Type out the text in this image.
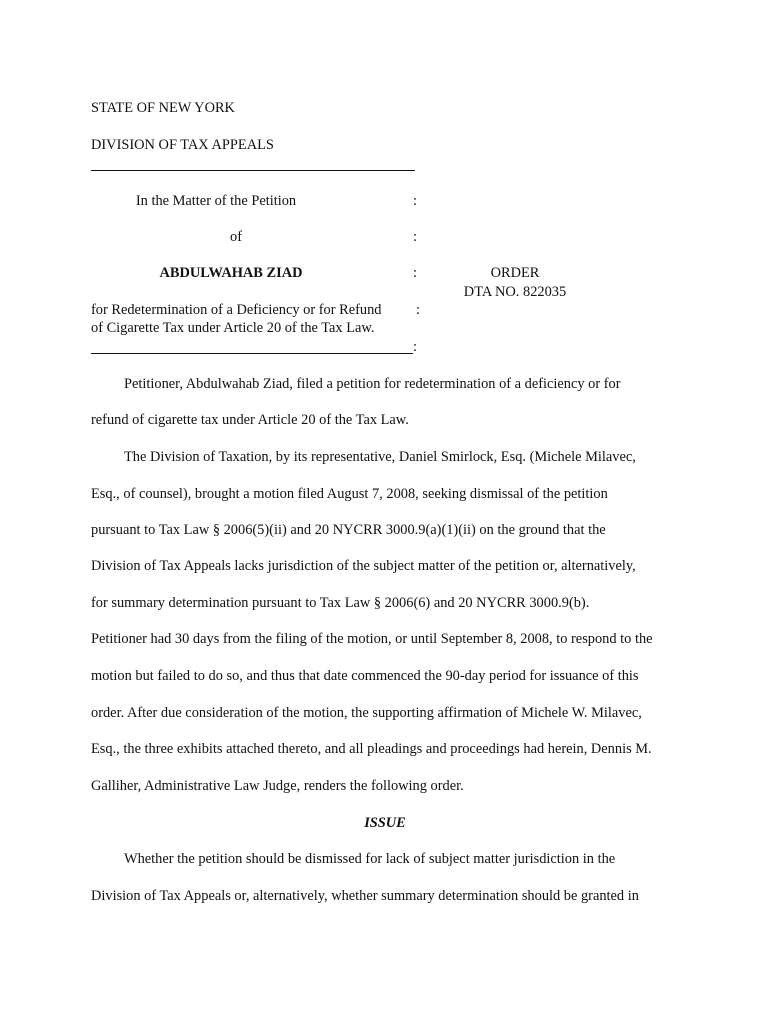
STATE OF NEW YORK
DIVISION OF TAX APPEALS
In the Matter of the Petition	:
of	:
ABDULWAHAB ZIAD	:	ORDER
DTA NO. 822035
for Redetermination of a Deficiency or for Refund :
of Cigarette Tax under Article 20 of the Tax Law.
:
Petitioner, Abdulwahab Ziad, filed a petition for redetermination of a deficiency or for
refund of cigarette tax under Article 20 of the Tax Law.
The Division of Taxation, by its representative, Daniel Smirlock, Esq. (Michele Milavec,
Esq., of counsel), brought a motion filed August 7, 2008, seeking dismissal of the petition
pursuant to Tax Law § 2006(5)(ii) and 20 NYCRR 3000.9(a)(1)(ii) on the ground that the
Division of Tax Appeals lacks jurisdiction of the subject matter of the petition or, alternatively,
for summary determination pursuant to Tax Law § 2006(6) and 20 NYCRR 3000.9(b).
Petitioner had 30 days from the filing of the motion, or until September 8, 2008, to respond to the
motion but failed to do so, and thus that date commenced the 90-day period for issuance of this
order. After due consideration of the motion, the supporting affirmation of Michele W. Milavec,
Esq., the three exhibits attached thereto, and all pleadings and proceedings had herein, Dennis M.
Galliher, Administrative Law Judge, renders the following order.
ISSUE
Whether the petition should be dismissed for lack of subject matter jurisdiction in the
Division of Tax Appeals or, alternatively, whether summary determination should be granted in
